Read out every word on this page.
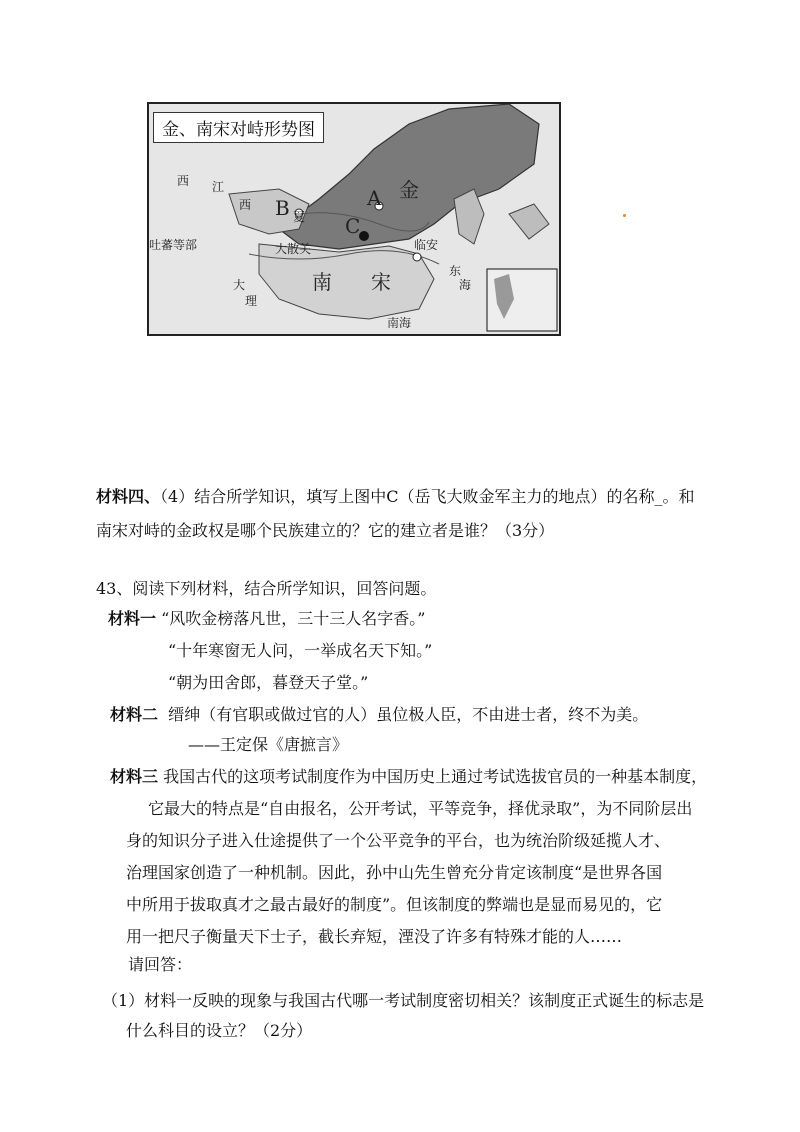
金、南宋对峙形势图
西 江	金
西
夏
吐蕃等部	大散关	临安
南 宋
大
理
东
海
南海
A
B
C
材料四、（4）结合所学知识，填写上图中C（岳飞大败金军主力的地点）的名称_。和
南宋对峙的金政权是哪个民族建立的？它的建立者是谁？（3分）
43、阅读下列材料，结合所学知识，回答问题。
材料一 “风吹金榜落凡世，三十三人名字香。”
“十年寒窗无人问，一举成名天下知。”
“朝为田舍郎，暮登天子堂。”
材料二 缙绅（有官职或做过官的人）虽位极人臣，不由进士者，终不为美。
——王定保《唐摭言》
材料三 我国古代的这项考试制度作为中国历史上通过考试选拔官员的一种基本制度，
它最大的特点是“自由报名，公开考试，平等竞争，择优录取”，为不同阶层出
身的知识分子进入仕途提供了一个公平竞争的平台，也为统治阶级延揽人才、
治理国家创造了一种机制。因此，孙中山先生曾充分肯定该制度“是世界各国
中所用于拔取真才之最古最好的制度”。但该制度的弊端也是显而易见的，它
用一把尺子衡量天下士子，截长弃短，湮没了许多有特殊才能的人……
请回答：
（1）材料一反映的现象与我国古代哪一考试制度密切相关？该制度正式诞生的标志是
什么科目的设立？（2分）
